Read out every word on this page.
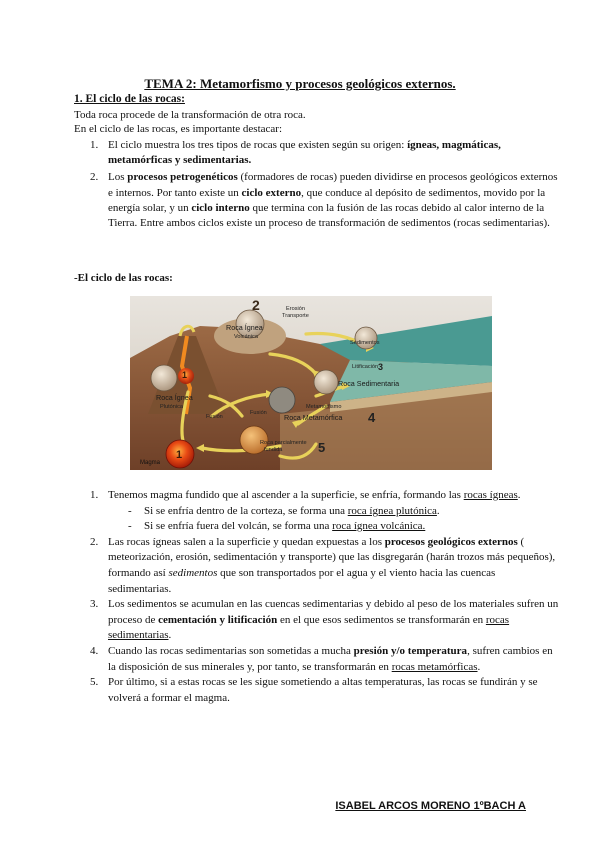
TEMA 2: Metamorfismo y procesos geológicos externos.
1. El ciclo de las rocas:
Toda roca procede de la transformación de otra roca.
En el ciclo de las rocas, es importante destacar:
1. El ciclo muestra los tres tipos de rocas que existen según su origen: ígneas, magmáticas, metamórficas y sedimentarias.
2. Los procesos petrogenéticos (formadores de rocas) pueden dividirse en procesos geológicos externos e internos. Por tanto existe un ciclo externo, que conduce al depósito de sedimentos, movido por la energía solar, y un ciclo interno que termina con la fusión de las rocas debido al calor interno de la Tierra. Entre ambos ciclos existe un proceso de transformación de sedimentos (rocas sedimentarias).
-El ciclo de las rocas:
1
1
2
3
4
5
Erosión
Transporte
Roca Ígnea
Volcánica
Sedimentos
Litificación
Roca Sedimentaria
Metamorfismo
Roca Metamórfica
Roca Ígnea
Plutónica
Fusión
Fusión
Roca parcialmente
fundida
Magma
1. Tenemos magma fundido que al ascender a la superficie, se enfría, formando las rocas ígneas.
- Si se enfría dentro de la corteza, se forma una roca ígnea plutónica.
- Si se enfría fuera del volcán, se forma una roca ígnea volcánica.
2. Las rocas ígneas salen a la superficie y quedan expuestas a los procesos geológicos externos ( meteorización, erosión, sedimentación y transporte) que las disgregarán (harán trozos más pequeños), formando así sedimentos que son transportados por el agua y el viento hacia las cuencas sedimentarias.
3. Los sedimentos se acumulan en las cuencas sedimentarias y debido al peso de los materiales sufren un proceso de cementación y litificación en el que esos sedimentos se transformarán en rocas sedimentarias.
4. Cuando las rocas sedimentarias son sometidas a mucha presión y/o temperatura, sufren cambios en la disposición de sus minerales y, por tanto, se transformarán en rocas metamórficas.
5. Por último, si a estas rocas se les sigue sometiendo a altas temperaturas, las rocas se fundirán y se volverá a formar el magma.
ISABEL ARCOS MORENO 1ºBACH A
